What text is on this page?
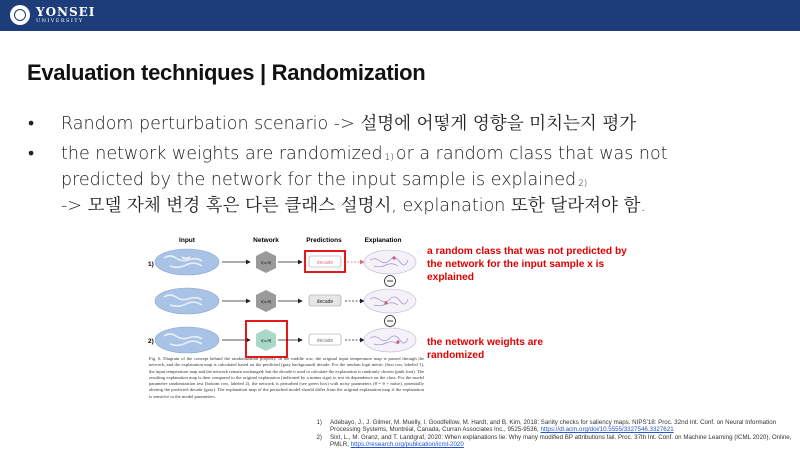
YONSEI
UNIVERSITY
Evaluation techniques | Randomization
• Random perturbation scenario -> 설명에 어떻게 영향을 미치는지 평가
• the network weights are randomized 1) or a random class that was not
predicted by the network for the input sample is explained 2)
-> 모델 자체 변경 혹은 다른 클래스 설명시, explanation 또한 달라져야 함.
Input	Network	Predictions	Explanation
1)
2)
f(x;θ)
f(x;θ)
f(x;θ̃)
decade
decade
decade
Fig. 6. Diagram of the concept behind the randomization property. In the middle row, the original input temperature map is passed through the network, and the explanation map is calculated based on the predicted (gray background) decade. For the random logit metric (first row, labeled 1), the input temperature map and the network remain unchanged; but the decade it used to calculate the explanation is randomly chosen (pink font). The resulting explanation map is then compared to the original explanation (indicated by a minus sign) to test its dependence on the class. For the model parameter randomization test (bottom row, labeled 2), the network is perturbed (see green box) with noisy parameters (θ̃ = θ + noise), potentially altering the predicted decade (gray). The explanation map of the perturbed model should differ from the original explanation map if the explanation is sensitive to the model parameters.
a random class that was not predicted by the network for the input sample x is explained
the network weights are randomized
1)	Adebayo, J., J. Gilmer, M. Muelly, I. Goodfellow, M. Hardt, and B. Kim, 2018: Sanity checks for saliency maps. NIPS'18: Proc. 32nd Int. Conf. on Neural Information Processing Systems, Montréal, Canada, Curran Associates Inc., 9525-9536, https://dl.acm.org/doi/10.5555/3327546.3327621
2)	Sixt, L., M. Granz, and T. Landgraf, 2020: When explanations lie: Why many modified BP attributions fail. Proc. 37th Int. Conf. on Machine Learning (ICML 2020), Online, PMLR, https://research.org/publication/icml-2020
